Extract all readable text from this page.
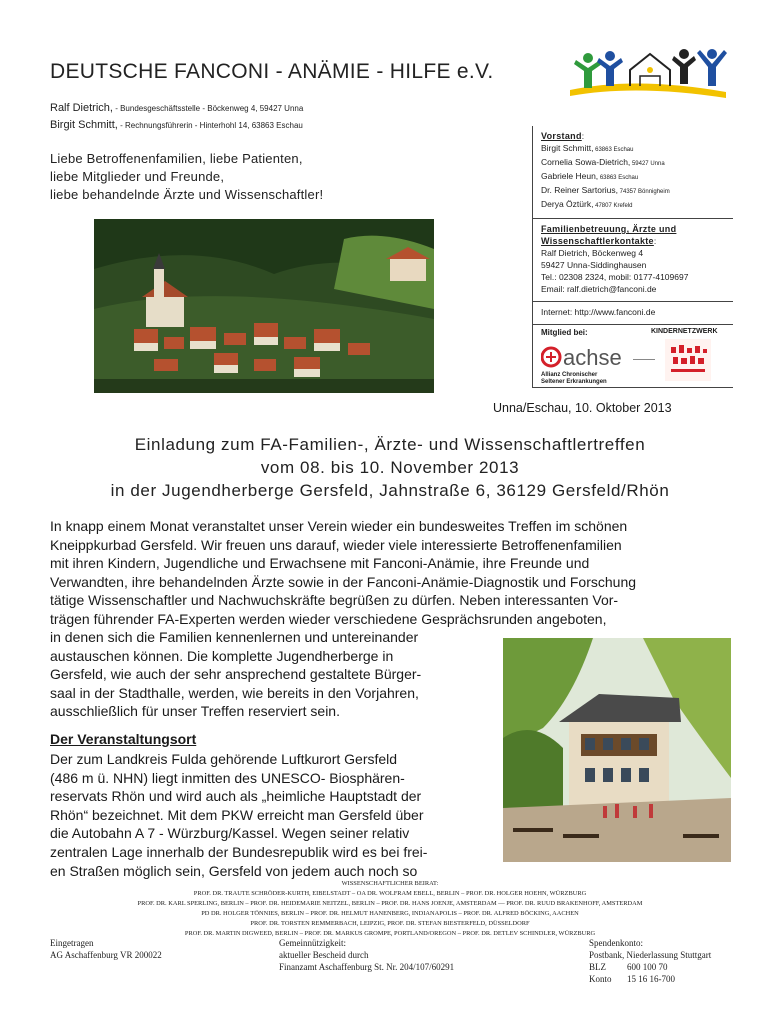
DEUTSCHE FANCONI - ANÄMIE - HILFE e.V.
Ralf Dietrich, - Bundesgeschäftsstelle - Böckenweg 4, 59427 Unna
Birgit Schmitt, - Rechnungsführerin - Hinterhohl 14, 63863 Eschau
Liebe Betroffenenfamilien, liebe Patienten,
liebe Mitglieder und Freunde,
liebe behandelnde Ärzte und Wissenschaftler!
Vorstand:
Birgit Schmitt, 63863 Eschau
Cornelia Sowa-Dietrich, 59427 Unna
Gabriele Heun, 63863 Eschau
Dr. Reiner Sartorius, 74357 Bönnigheim
Derya Öztürk, 47807 Krefeld
Familienbetreuung, Ärzte und
Wissenschaftlerkontakte:
Ralf Dietrich, Böckenweg 4
59427 Unna-Siddinghausen
Tel.: 02308 2324, mobil: 0177-4109697
Email: ralf.dietrich@fanconi.de
Internet: http://www.fanconi.de
Mitglied bei:	KINDERNETZWERK
achse
Allianz Chronischer
Seltener Erkrankungen
Unna/Eschau, 10. Oktober 2013
Einladung zum FA-Familien-, Ärzte- und Wissenschaftlertreffen
vom 08. bis 10. November 2013
in der Jugendherberge Gersfeld, Jahnstraße 6, 36129 Gersfeld/Rhön
In knapp einem Monat veranstaltet unser Verein wieder ein bundesweites Treffen im schönen
Kneippkurbad Gersfeld. Wir freuen uns darauf, wieder viele interessierte Betroffenenfamilien
mit ihren Kindern, Jugendliche und Erwachsene mit Fanconi-Anämie, ihre Freunde und
Verwandten, ihre behandelnden Ärzte sowie in der Fanconi-Anämie-Diagnostik und Forschung
tätige Wissenschaftler und Nachwuchskräfte begrüßen zu dürfen. Neben interessanten Vor-
trägen führender FA-Experten werden wieder verschiedene Gesprächsrunden angeboten,
in denen sich die Familien kennenlernen und untereinander
austauschen können. Die komplette Jugendherberge in
Gersfeld, wie auch der sehr ansprechend gestaltete Bürger-
saal in der Stadthalle, werden, wie bereits in den Vorjahren,
ausschließlich für unser Treffen reserviert sein.
Der Veranstaltungsort
Der zum Landkreis Fulda gehörende Luftkurort Gersfeld
(486 m ü. NHN) liegt inmitten des UNESCO- Biosphären-
reservats Rhön und wird auch als „heimliche Hauptstadt der
Rhön“ bezeichnet. Mit dem PKW erreicht man Gersfeld über
die Autobahn A 7 - Würzburg/Kassel. Wegen seiner relativ
zentralen Lage innerhalb der Bundesrepublik wird es bei frei-
en Straßen möglich sein, Gersfeld von jedem auch noch so
WISSENSCHAFTLICHER BEIRAT:
PROF. DR. TRAUTE SCHRÖDER-KURTH, EIBELSTADT – OA DR. WOLFRAM EBELL, BERLIN – PROF. DR. HOLGER HOEHN, WÜRZBURG
PROF. DR. KARL SPERLING, BERLIN – PROF. DR. HEIDEMARIE NEITZEL, BERLIN – PROF. DR. HANS JOENJE, AMSTERDAM — PROF. DR. RUUD BRAKENHOFF, AMSTERDAM
PD DR. HOLGER TÖNNIES, BERLIN – PROF. DR. HELMUT HANENBERG, INDIANAPOLIS – PROF. DR. ALFRED BÖCKING, AACHEN
PROF. DR. TORSTEN REMMERBACH, LEIPZIG, PROF. DR. STEFAN BIESTERFELD, DÜSSELDORF
PROF. DR. MARTIN DIGWEED, BERLIN – PROF. DR. MARKUS GROMPE, PORTLAND/OREGON – PROF. DR. DETLEV SCHINDLER, WÜRZBURG
Eingetragen
AG Aschaffenburg VR 200022
Gemeinnützigkeit:
aktueller Bescheid durch
Finanzamt Aschaffenburg St. Nr. 204/107/60291
Spendenkonto:
Postbank, Niederlassung Stuttgart
BLZ	600 100 70
Konto	15 16 16-700
